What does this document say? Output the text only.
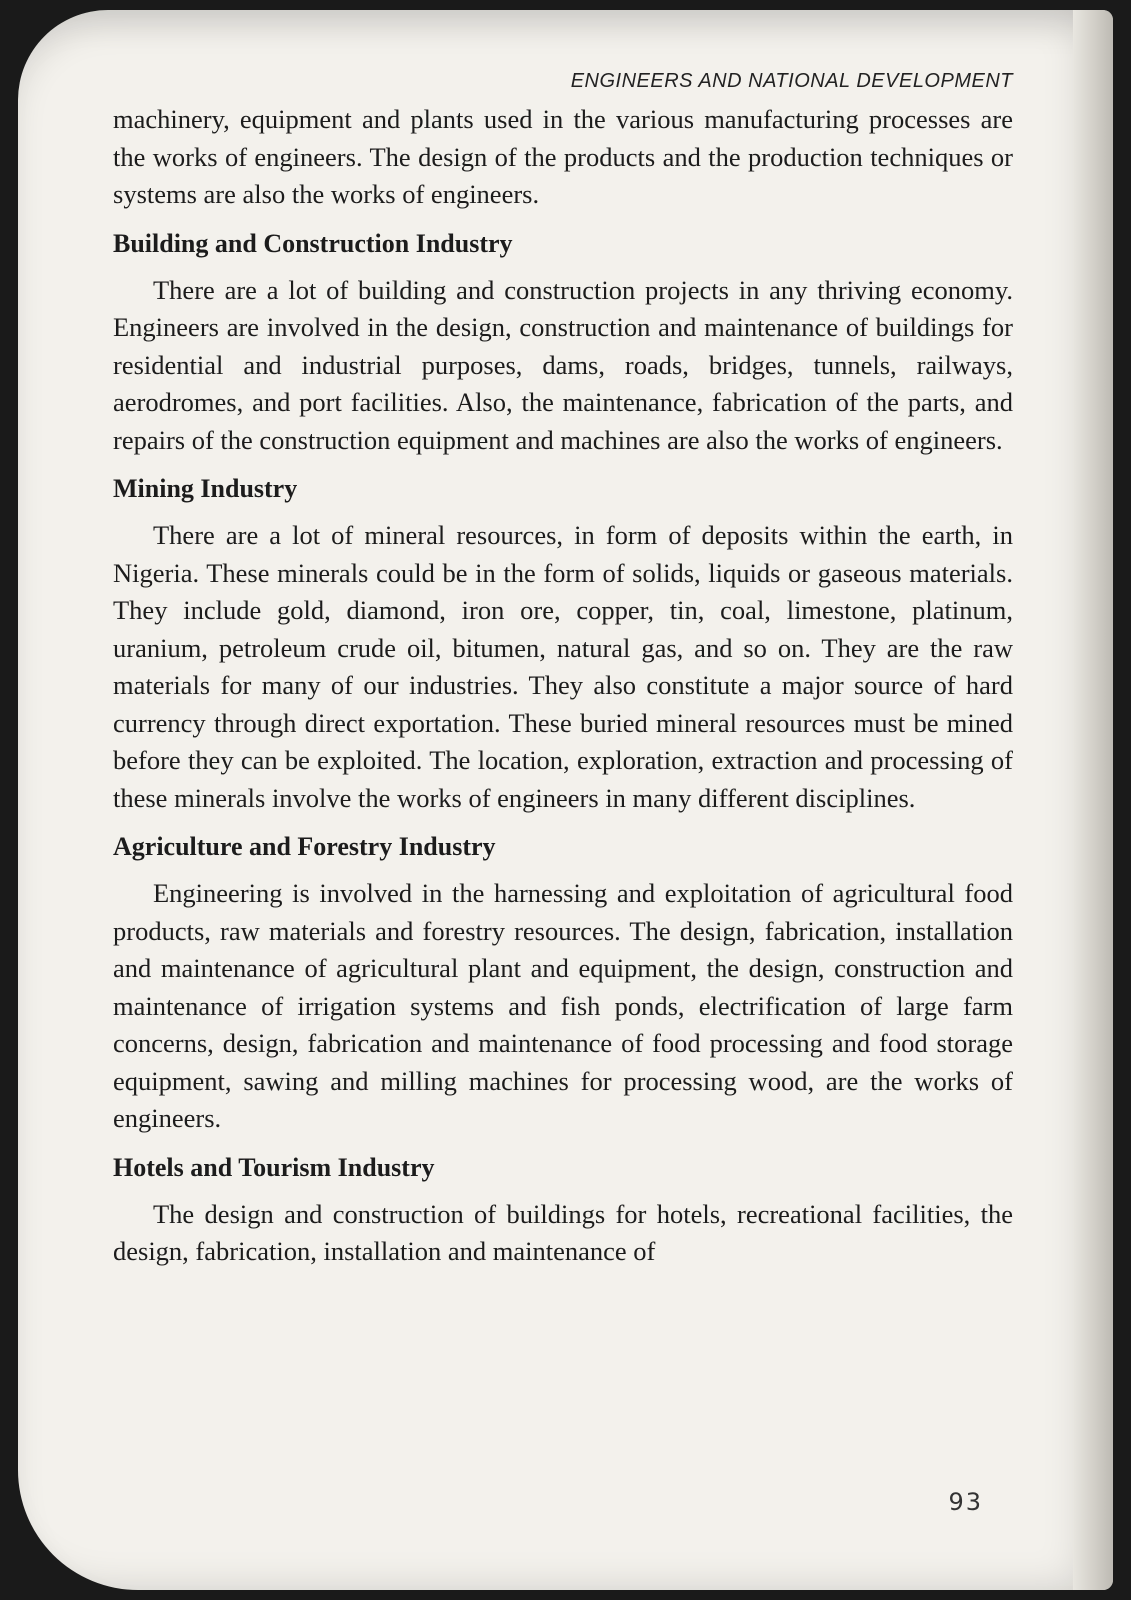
ENGINEERS AND NATIONAL DEVELOPMENT

machinery, equipment and plants used in the various manufacturing processes are the works of engineers. The design of the products and the production techniques or systems are also the works of engineers.

Building and Construction Industry

There are a lot of building and construction projects in any thriving economy. Engineers are involved in the design, construction and maintenance of buildings for residential and industrial purposes, dams, roads, bridges, tunnels, railways, aerodromes, and port facilities. Also, the maintenance, fabrication of the parts, and repairs of the construction equipment and machines are also the works of engineers.

Mining Industry

There are a lot of mineral resources, in form of deposits within the earth, in Nigeria. These minerals could be in the form of solids, liquids or gaseous materials. They include gold, diamond, iron ore, copper, tin, coal, limestone, platinum, uranium, petroleum crude oil, bitumen, natural gas, and so on. They are the raw materials for many of our industries. They also constitute a major source of hard currency through direct exportation. These buried mineral resources must be mined before they can be exploited. The location, exploration, extraction and processing of these minerals involve the works of engineers in many different disciplines.

Agriculture and Forestry Industry

Engineering is involved in the harnessing and exploitation of agricultural food products, raw materials and forestry resources. The design, fabrication, installation and maintenance of agricultural plant and equipment, the design, construction and maintenance of irrigation systems and fish ponds, electrification of large farm concerns, design, fabrication and maintenance of food processing and food storage equipment, sawing and milling machines for processing wood, are the works of engineers.

Hotels and Tourism Industry

The design and construction of buildings for hotels, recreational facilities, the design, fabrication, installation and maintenance of

93
